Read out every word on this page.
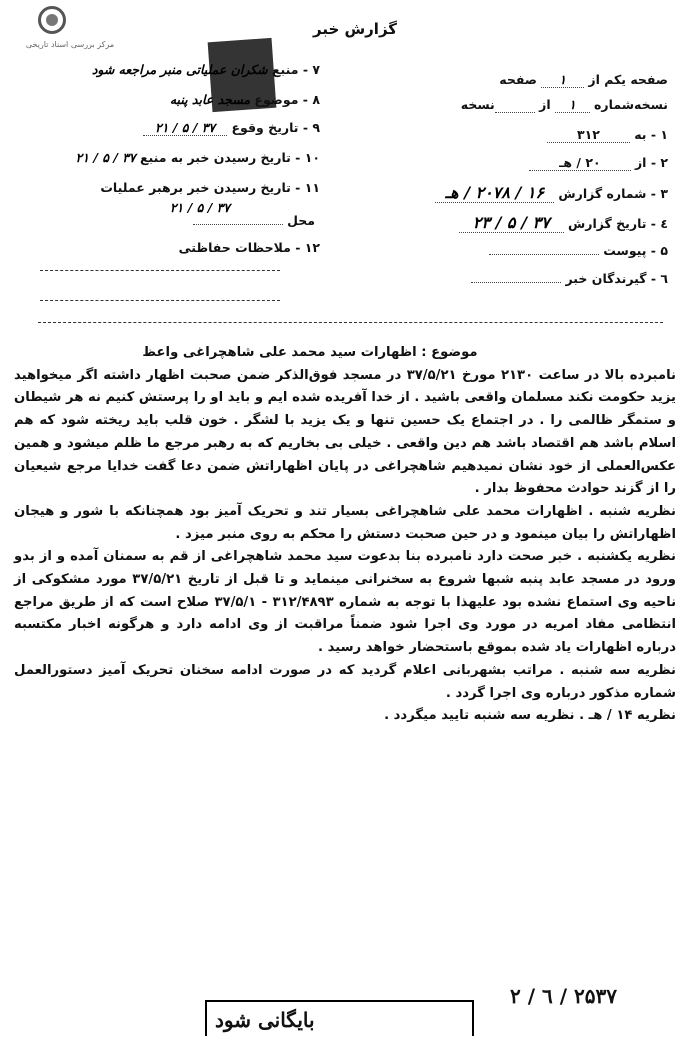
مرکز بررسی اسناد تاریخی
گزارش خبر
صفحه یکم از ۱ صفحه
نسخه‌شماره ۱ از نسخه
۱ - به ۳۱۲
۲ - از ۲۰ / هـ
۳ - شماره گزارش ۱۶ / ۲۰۷۸ / هـ
٤ - تاریخ گزارش ۳۷ / ۵ / ۲۳
۵ - پیوست
٦ - گیرندگان خبر
۷ - منبع شکران عملیاتی منبر مراجعه شود
۸ - موضوع مسجد عابد پنبه
۹ - تاریخ وقوع ۳۷ / ۵ / ۲۱
۱۰ - تاریخ رسیدن خبر به منبع ۳۷ / ۵ / ۲۱
۱۱ - تاریخ رسیدن خبر برهبر عملیات
۳۷ / ۵ / ۲۱
محل
۱۲ - ملاحظات حفاظتی

موضوع : اظهارات سید محمد علی شاهچراغی واعظ

نامبرده بالا در ساعت ۲۱۳۰ مورخ ۳۷/۵/۲۱ در مسجد فوق‌الذکر ضمن صحبت اظهار داشته اگر میخواهید یزید حکومت نکند مسلمان واقعی باشید . از خدا آفریده شده ایم و باید او را پرستش کنیم نه هر شیطان و ستمگر ظالمی را . در اجتماع یک حسین تنها و یک یزید با لشگر . خون قلب باید ریخته شود که هم اسلام باشد هم اقتصاد باشد هم دین واقعی . خیلی بی بخاریم که به رهبر مرجع ما ظلم میشود و همین عکس‌العملی از خود نشان نمیدهیم شاهچراغی در پایان اظهاراتش ضمن دعا گفت خدایا مرجع شیعیان را از گزند حوادث محفوظ بدار .

نظریه شنبه . اظهارات محمد علی شاهچراغی بسیار تند و تحریک آمیز بود همچنانکه با شور و هیجان اظهاراتش را بیان مینمود و در حین صحبت دستش را محکم به روی منبر میزد .

نظریه یکشنبه . خبر صحت دارد نامبرده بنا بدعوت سید محمد شاهچراغی از قم به سمنان آمده و از بدو ورود در مسجد عابد پنبه شبها شروع به سخنرانی مینماید و تا قبل از تاریخ ۳۷/۵/۲۱ مورد مشکوکی از ناحیه وی استماع نشده بود علیهذا با توجه به شماره ۳۱۲/۴۸۹۳ - ۳۷/۵/۱ صلاح است که از طریق مراجع انتظامی مفاد امریه در مورد وی اجرا شود ضمناً مراقبت از وی ادامه دارد و هرگونه اخبار مکتسبه درباره اظهارات یاد شده بموقع باستحضار خواهد رسید .

نظریه سه شنبه . مراتب بشهربانی اعلام گردید که در صورت ادامه سخنان تحریک آمیز دستورالعمل شماره مذکور درباره وی اجرا گردد .

نظریه ۱۴ / هـ . نظریه سه شنبه تایید میگردد .

۲ / ٦ / ۲۵۳۷
بایگانی شود
